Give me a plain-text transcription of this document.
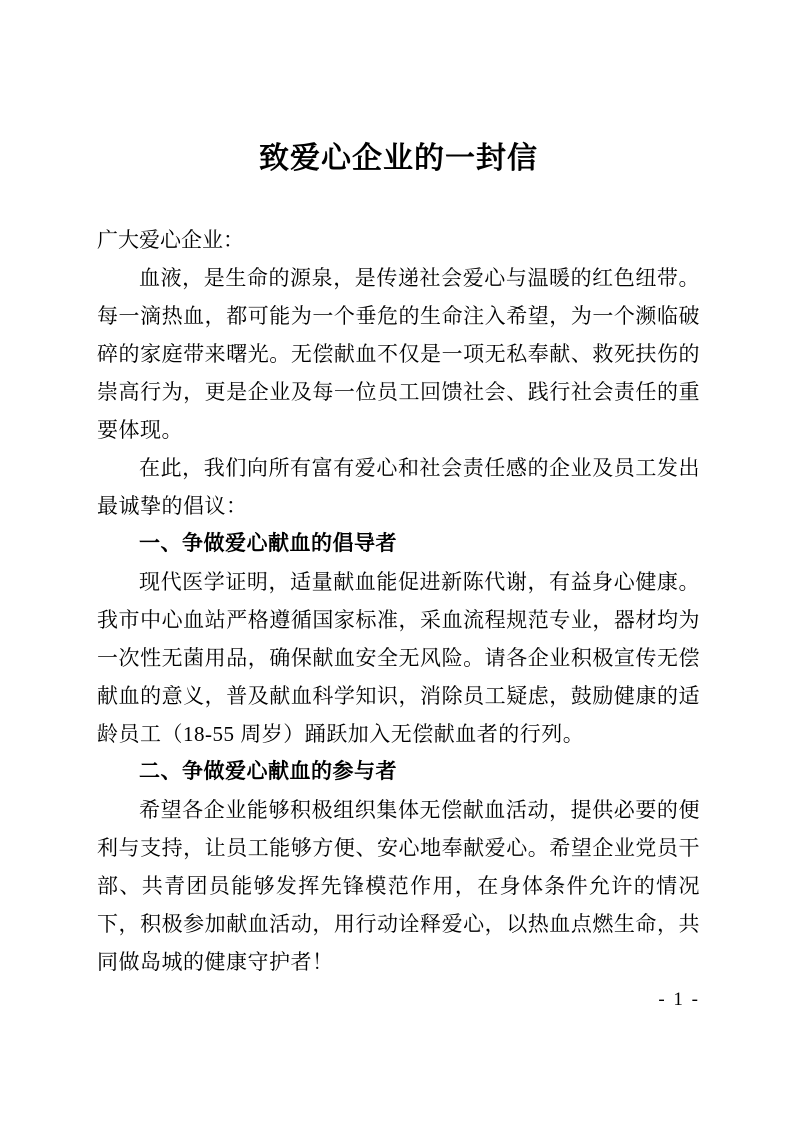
致爱心企业的一封信

广大爱心企业：

血液，是生命的源泉，是传递社会爱心与温暖的红色纽带。每一滴热血，都可能为一个垂危的生命注入希望，为一个濒临破碎的家庭带来曙光。无偿献血不仅是一项无私奉献、救死扶伤的崇高行为，更是企业及每一位员工回馈社会、践行社会责任的重要体现。

在此，我们向所有富有爱心和社会责任感的企业及员工发出最诚挚的倡议：

一、争做爱心献血的倡导者

现代医学证明，适量献血能促进新陈代谢，有益身心健康。我市中心血站严格遵循国家标准，采血流程规范专业，器材均为一次性无菌用品，确保献血安全无风险。请各企业积极宣传无偿献血的意义，普及献血科学知识，消除员工疑虑，鼓励健康的适龄员工（18-55 周岁）踊跃加入无偿献血者的行列。

二、争做爱心献血的参与者

希望各企业能够积极组织集体无偿献血活动，提供必要的便利与支持，让员工能够方便、安心地奉献爱心。希望企业党员干部、共青团员能够发挥先锋模范作用，在身体条件允许的情况下，积极参加献血活动，用行动诠释爱心，以热血点燃生命，共同做岛城的健康守护者！

- 1 -
